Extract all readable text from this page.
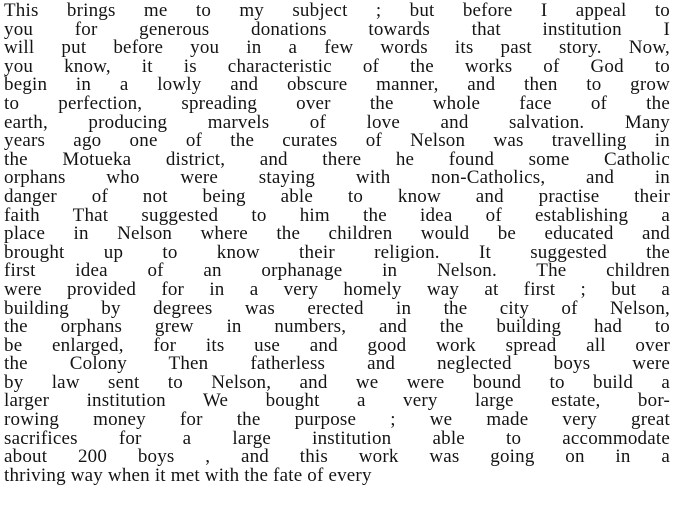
This brings me to my subject ; but before I appeal to
you for generous donations towards that institution I
will put before you in a few words its past story. Now,
you know, it is characteristic of the works of God to
begin in a lowly and obscure manner, and then to grow
to perfection, spreading over the whole face of the
earth, producing marvels of love and salvation. Many
years ago one of the curates of Nelson was travelling in
the Motueka district, and there he found some Catholic
orphans who were staying with non-Catholics, and in
danger of not being able to know and practise their
faith That suggested to him the idea of establishing a
place in Nelson where the children would be educated and
brought up to know their religion. It suggested the
first idea of an orphanage in Nelson. The children
were provided for in a very homely way at first ; but a
building by degrees was erected in the city of Nelson,
the orphans grew in numbers, and the building had to
be enlarged, for its use and good work spread all over
the Colony Then fatherless and neglected boys were
by law sent to Nelson, and we were bound to build a
larger institution We bought a very large estate, bor-
rowing money for the purpose ; we made very great
sacrifices for a large institution able to accommodate
about 200 boys , and this work was going on in a
thriving way when it met with the fate of every
